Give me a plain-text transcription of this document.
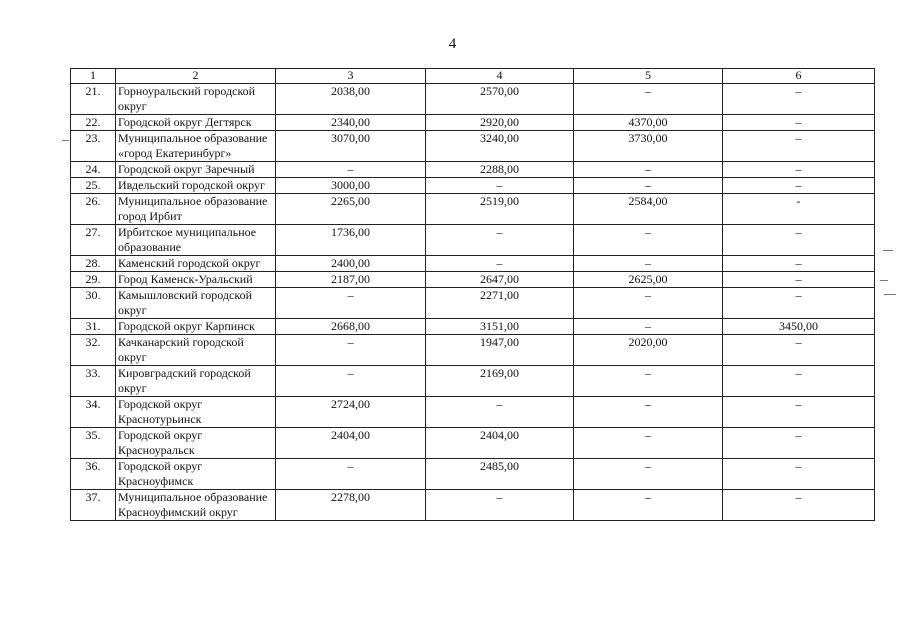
4
1	2	3	4	5	6
21.	Горноуральский городской округ	2038,00	2570,00	–	–
22.	Городской округ Дегтярск	2340,00	2920,00	4370,00	–
23.	Муниципальное образование «город Екатеринбург»	3070,00	3240,00	3730,00	–
24.	Городской округ Заречный	–	2288,00	–	–
25.	Ивдельский городской округ	3000,00	–	–	–
26.	Муниципальное образование город Ирбит	2265,00	2519,00	2584,00	-
27.	Ирбитское муниципальное образование	1736,00	–	–	–
28.	Каменский городской округ	2400,00	–	–	–
29.	Город Каменск-Уральский	2187,00	2647,00	2625,00	–
30.	Камышловский городской округ	–	2271,00	–	–
31.	Городской округ Карпинск	2668,00	3151,00	–	3450,00
32.	Качканарский городской округ	–	1947,00	2020,00	–
33.	Кировградский городской округ	–	2169,00	–	–
34.	Городской округ Краснотурьинск	2724,00	–	–	–
35.	Городской округ Красноуральск	2404,00	2404,00	–	–
36.	Городской округ Красноуфимск	–	2485,00	–	–
37.	Муниципальное образование Красноуфимский округ	2278,00	–	–	–
